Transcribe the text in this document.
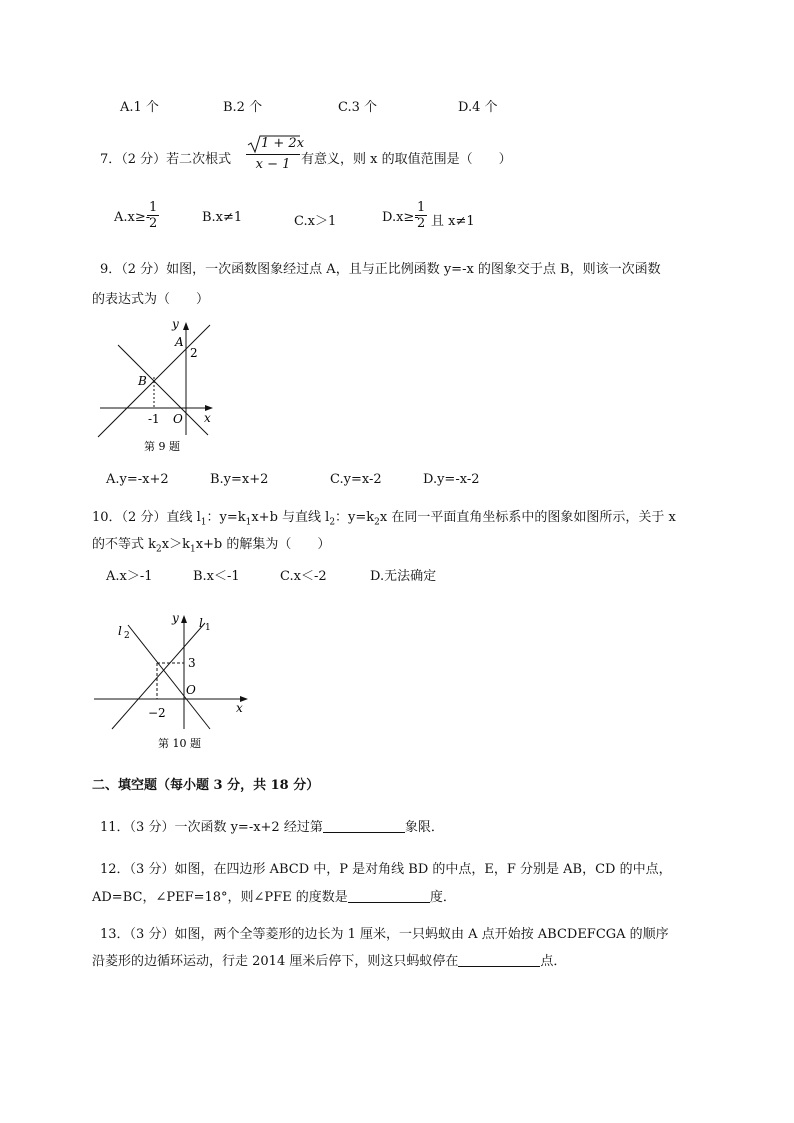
A.1 个	B.2 个	C.3 个	D.4 个
7．（2 分）若二次根式
1 + 2x
x − 1 有意义，则 x 的取值范围是（　　）
A.x≥-
$\frac{1}{2}$	B.x≠1	C.x＞1	D.x≥-
$\frac{1}{2}$ 且 x≠1
9．（2 分）如图，一次函数图象经过点 A，且与正比例函数 y=-x 的图象交于点 B，则该一次函数
的表达式为（　　）
y
A
2
B
-1 O x
第 9 题
A.y=-x+2	B.y=x+2	C.y=x-2	D.y=-x-2
10．（2 分）直线 $l_1$：$y=k_1x+b$ 与直线 $l_2$：$y=k_2x$ 在同一平面直角坐标系中的图象如图所示，关于 x
的不等式 $k_2x>k_1x+b$ 的解集为（　　）
A.x＞-1	B.x＜-1	C.x＜-2	D.无法确定
l 2
y l 1
3
O
−2	x
第 10 题
二、填空题（每小题 3 分，共 18 分）
11．（3 分）一次函数 y=-x+2 经过第	象限．
12．（3 分）如图，在四边形 ABCD 中，P 是对角线 BD 的中点，E，F 分别是 AB，CD 的中点，
AD=BC，∠PEF=18°，则∠PFE 的度数是	度．
13．（3 分）如图，两个全等菱形的边长为 1 厘米，一只蚂蚁由 A 点开始按 ABCDEFCGA 的顺序
沿菱形的边循环运动，行走 2014 厘米后停下，则这只蚂蚁停在	点．
